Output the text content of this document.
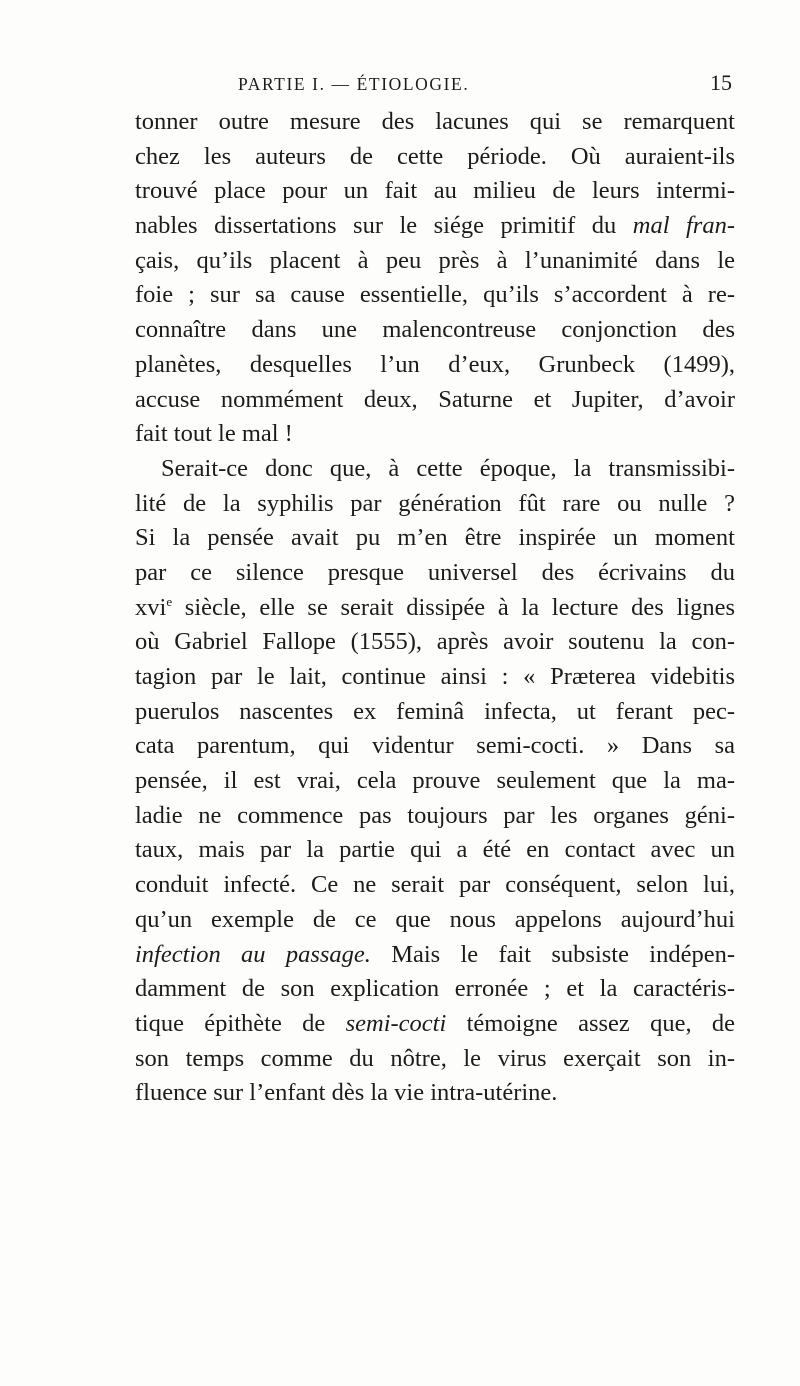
PARTIE I. — ÉTIOLOGIE.	15
tonner outre mesure des lacunes qui se remarquent
chez les auteurs de cette période. Où auraient-ils
trouvé place pour un fait au milieu de leurs intermi-
nables dissertations sur le siége primitif du mal fran-
çais, qu’ils placent à peu près à l’unanimité dans le
foie ; sur sa cause essentielle, qu’ils s’accordent à re-
connaître dans une malencontreuse conjonction des
planètes, desquelles l’un d’eux, Grunbeck (1499),
accuse nommément deux, Saturne et Jupiter, d’avoir
fait tout le mal !
Serait-ce donc que, à cette époque, la transmissibi-
lité de la syphilis par génération fût rare ou nulle ?
Si la pensée avait pu m’en être inspirée un moment
par ce silence presque universel des écrivains du
xvi$^e$ siècle, elle se serait dissipée à la lecture des lignes
où Gabriel Fallope (1555), après avoir soutenu la con-
tagion par le lait, continue ainsi : « Præterea videbitis
puerulos nascentes ex feminâ infecta, ut ferant pec-
cata parentum, qui videntur semi-cocti. » Dans sa
pensée, il est vrai, cela prouve seulement que la ma-
ladie ne commence pas toujours par les organes géni-
taux, mais par la partie qui a été en contact avec un
conduit infecté. Ce ne serait par conséquent, selon lui,
qu’un exemple de ce que nous appelons aujourd’hui
infection au passage. Mais le fait subsiste indépen-
damment de son explication erronée ; et la caractéris-
tique épithète de semi-cocti témoigne assez que, de
son temps comme du nôtre, le virus exerçait son in-
fluence sur l’enfant dès la vie intra-utérine.
